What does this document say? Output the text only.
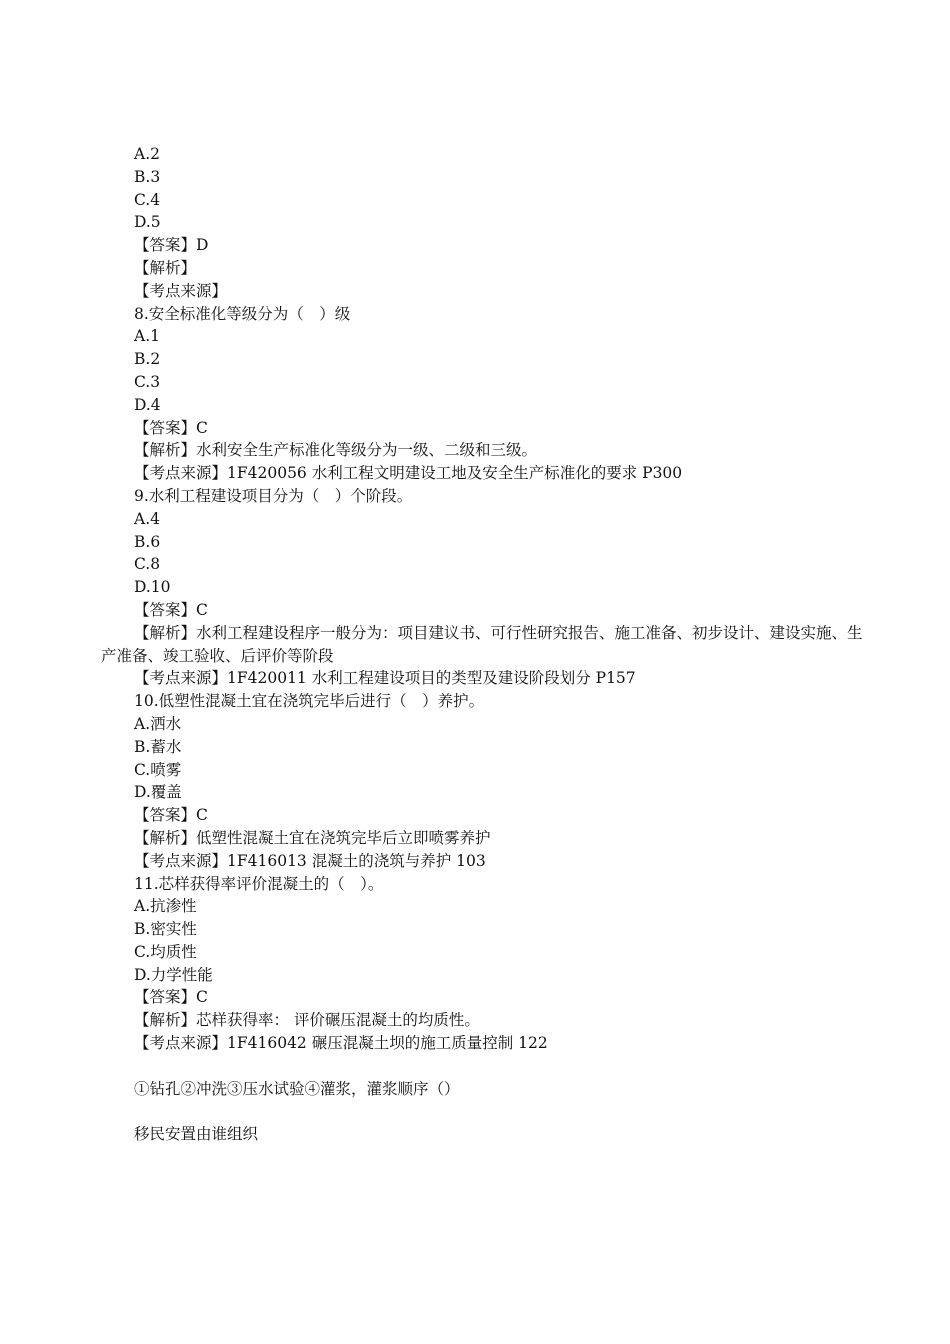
A.2
B.3
C.4
D.5
【答案】D
【解析】
【考点来源】
8.安全标准化等级分为（　）级
A.1
B.2
C.3
D.4
【答案】C
【解析】水利安全生产标准化等级分为一级、二级和三级。
【考点来源】1F420056 水利工程文明建设工地及安全生产标准化的要求 P300
9.水利工程建设项目分为（　）个阶段。
A.4
B.6
C.8
D.10
【答案】C
【解析】水利工程建设程序一般分为：项目建议书、可行性研究报告、施工准备、初步设计、建设实施、生产准备、竣工验收、后评价等阶段
【考点来源】1F420011 水利工程建设项目的类型及建设阶段划分 P157
10.低塑性混凝土宜在浇筑完毕后进行（　）养护。
A.洒水
B.蓄水
C.喷雾
D.覆盖
【答案】C
【解析】低塑性混凝土宜在浇筑完毕后立即喷雾养护
【考点来源】1F416013 混凝土的浇筑与养护 103
11.芯样获得率评价混凝土的（　）。
A.抗渗性
B.密实性
C.均质性
D.力学性能
【答案】C
【解析】芯样获得率： 评价碾压混凝土的均质性。
【考点来源】1F416042 碾压混凝土坝的施工质量控制 122
①钻孔②冲洗③压水试验④灌浆，灌浆顺序（）
移民安置由谁组织
